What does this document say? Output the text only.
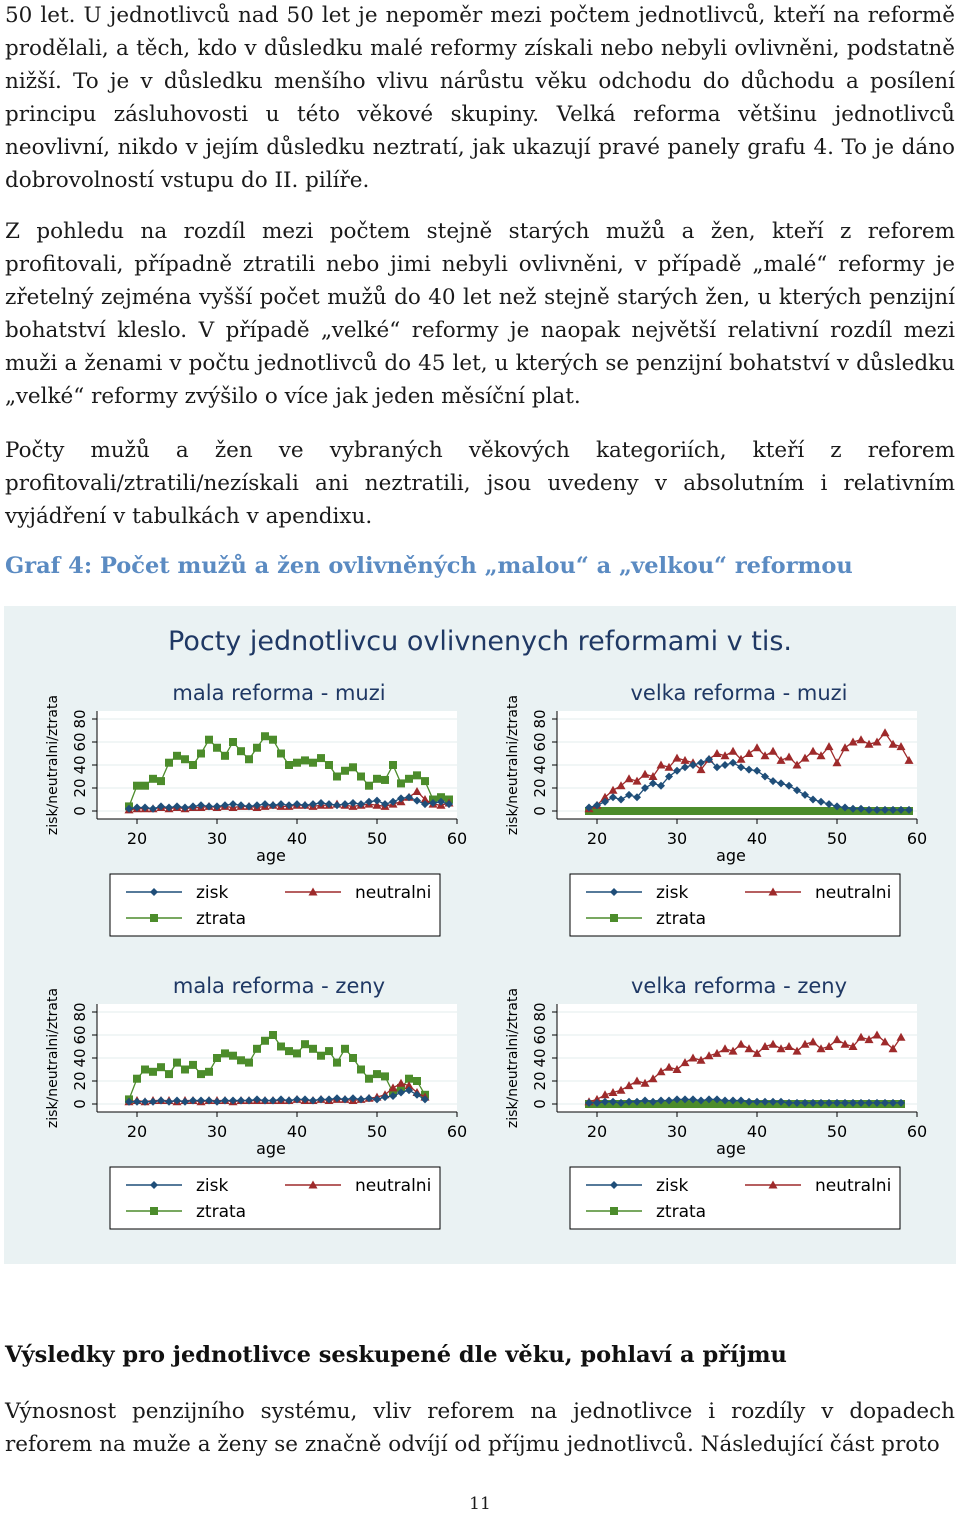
50 let. U jednotlivců nad 50 let je nepoměr mezi počtem jednotlivců, kteří na reformě prodělali, a těch, kdo v důsledku malé reformy získali nebo nebyli ovlivněni, podstatně nižší. To je v důsledku menšího vlivu nárůstu věku odchodu do důchodu a posílení principu zásluhovosti u této věkové skupiny. Velká reforma většinu jednotlivců neovlivní, nikdo v jejím důsledku neztratí, jak ukazují pravé panely grafu 4. To je dáno dobrovolností vstupu do II. pilíře.

Z pohledu na rozdíl mezi počtem stejně starých mužů a žen, kteří z reforem profitovali, případně ztratili nebo jimi nebyli ovlivněni, v případě „malé“ reformy je zřetelný zejména vyšší počet mužů do 40 let než stejně starých žen, u kterých penzijní bohatství kleslo. V případě „velké“ reformy je naopak největší relativní rozdíl mezi muži a ženami v počtu jednotlivců do 45 let, u kterých se penzijní bohatství v důsledku „velké“ reformy zvýšilo o více jak jeden měsíční plat.

Počty mužů a žen ve vybraných věkových kategoriích, kteří z reforem profitovali/ztratili/nezískali ani neztratili, jsou uvedeny v absolutním i relativním vyjádření v tabulkách v apendixu.

Graf 4: Počet mužů a žen ovlivněných „malou“ a „velkou“ reformou

Pocty jednotlivcu ovlivnenych reformami v tis.
mala reforma - muzi
0
20
40
60
80
20	30	40	50	60
age
zisk/neutralni/ztrata
zisk	neutralni
ztrata
velka reforma - muzi
0
20
40
60
80
20	30	40	50	60
age
zisk/neutralni/ztrata
zisk	neutralni
ztrata
mala reforma - zeny
0
20
40
60
80
20	30	40	50	60
age
zisk/neutralni/ztrata
zisk	neutralni
ztrata
velka reforma - zeny
0
20
40
60
80
20	30	40	50	60
age
zisk/neutralni/ztrata
zisk	neutralni
ztrata

Výsledky pro jednotlivce seskupené dle věku, pohlaví a příjmu

Výnosnost penzijního systému, vliv reforem na jednotlivce i rozdíly v dopadech reforem na muže a ženy se značně odvíjí od příjmu jednotlivců. Následující část proto

11
